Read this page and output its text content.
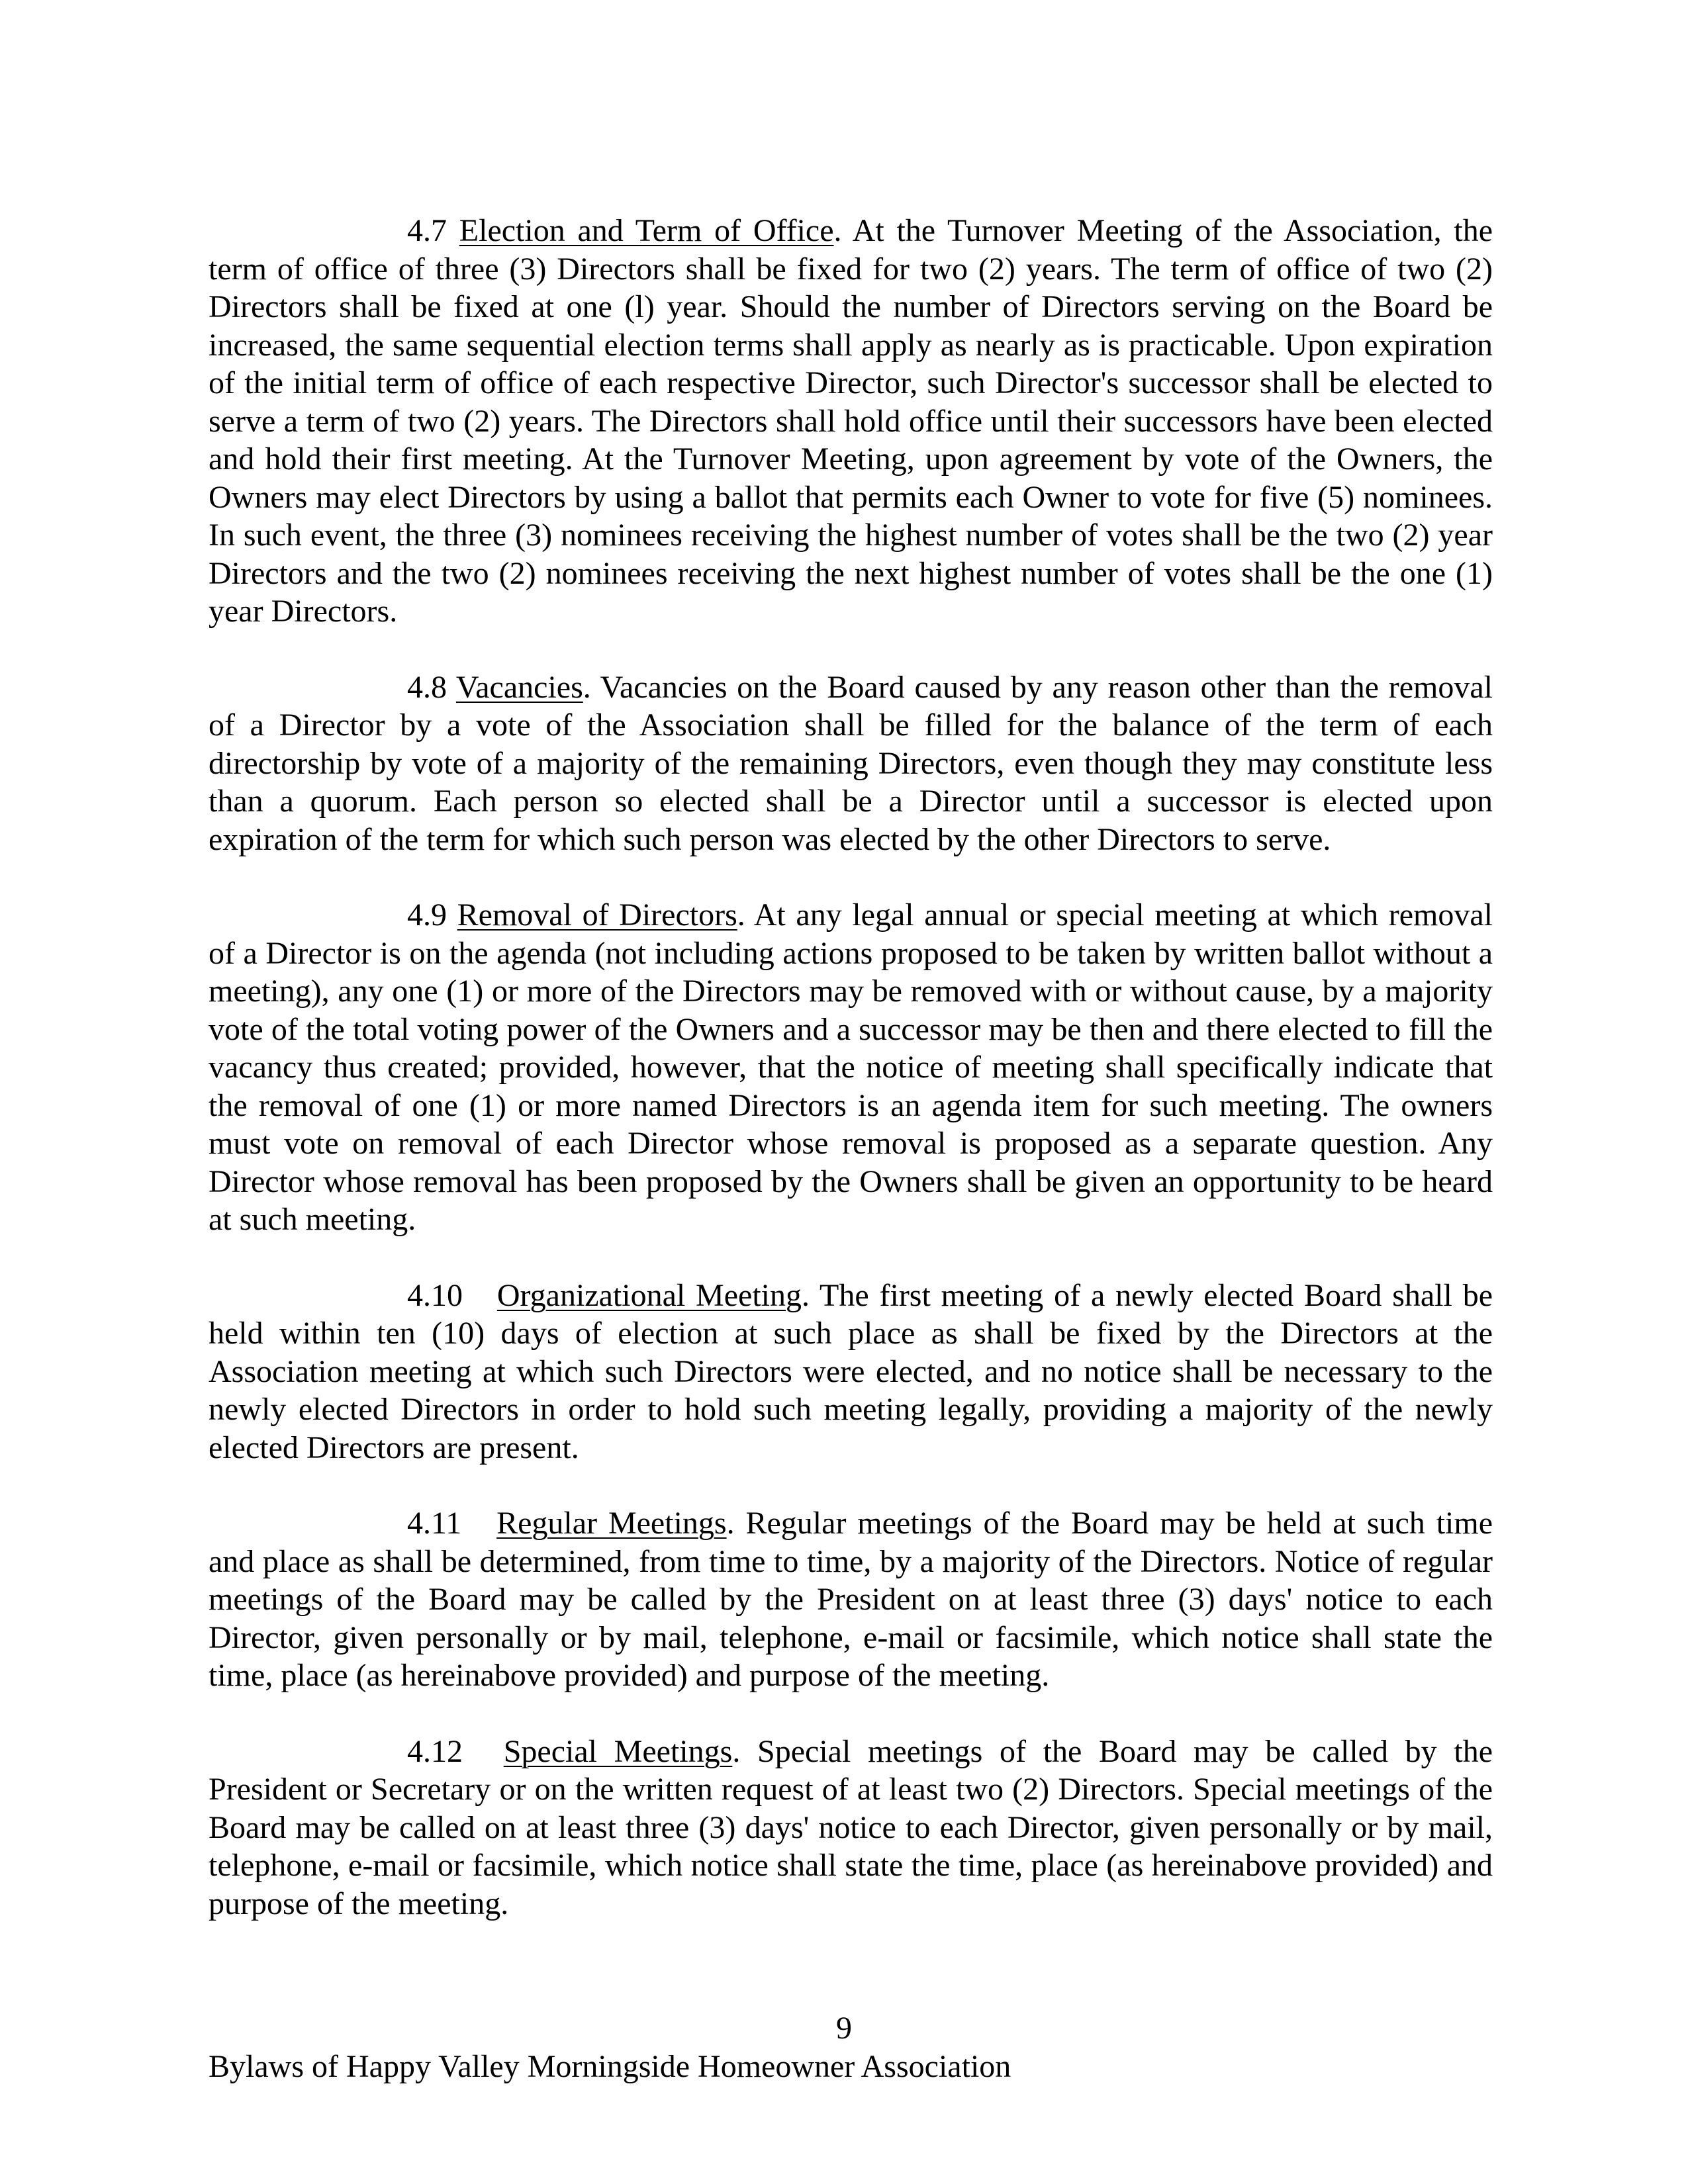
4.7 Election and Term of Office. At the Turnover Meeting of the Association, the term of office of three (3) Directors shall be fixed for two (2) years. The term of office of two (2) Directors shall be fixed at one (l) year. Should the number of Directors serving on the Board be increased, the same sequential election terms shall apply as nearly as is practicable. Upon expiration of the initial term of office of each respective Director, such Director's successor shall be elected to serve a term of two (2) years. The Directors shall hold office until their successors have been elected and hold their first meeting. At the Turnover Meeting, upon agreement by vote of the Owners, the Owners may elect Directors by using a ballot that permits each Owner to vote for five (5) nominees. In such event, the three (3) nominees receiving the highest number of votes shall be the two (2) year Directors and the two (2) nominees receiving the next highest number of votes shall be the one (1) year Directors.

4.8 Vacancies. Vacancies on the Board caused by any reason other than the removal of a Director by a vote of the Association shall be filled for the balance of the term of each directorship by vote of a majority of the remaining Directors, even though they may constitute less than a quorum. Each person so elected shall be a Director until a successor is elected upon expiration of the term for which such person was elected by the other Directors to serve.

4.9 Removal of Directors. At any legal annual or special meeting at which removal of a Director is on the agenda (not including actions proposed to be taken by written ballot without a meeting), any one (1) or more of the Directors may be removed with or without cause, by a majority vote of the total voting power of the Owners and a successor may be then and there elected to fill the vacancy thus created; provided, however, that the notice of meeting shall specifically indicate that the removal of one (1) or more named Directors is an agenda item for such meeting. The owners must vote on removal of each Director whose removal is proposed as a separate question. Any Director whose removal has been proposed by the Owners shall be given an opportunity to be heard at such meeting.

4.10 Organizational Meeting. The first meeting of a newly elected Board shall be held within ten (10) days of election at such place as shall be fixed by the Directors at the Association meeting at which such Directors were elected, and no notice shall be necessary to the newly elected Directors in order to hold such meeting legally, providing a majority of the newly elected Directors are present.

4.11 Regular Meetings. Regular meetings of the Board may be held at such time and place as shall be determined, from time to time, by a majority of the Directors. Notice of regular meetings of the Board may be called by the President on at least three (3) days' notice to each Director, given personally or by mail, telephone, e-mail or facsimile, which notice shall state the time, place (as hereinabove provided) and purpose of the meeting.

4.12 Special Meetings. Special meetings of the Board may be called by the President or Secretary or on the written request of at least two (2) Directors. Special meetings of the Board may be called on at least three (3) days' notice to each Director, given personally or by mail, telephone, e-mail or facsimile, which notice shall state the time, place (as hereinabove provided) and purpose of the meeting.

9

Bylaws of Happy Valley Morningside Homeowner Association
